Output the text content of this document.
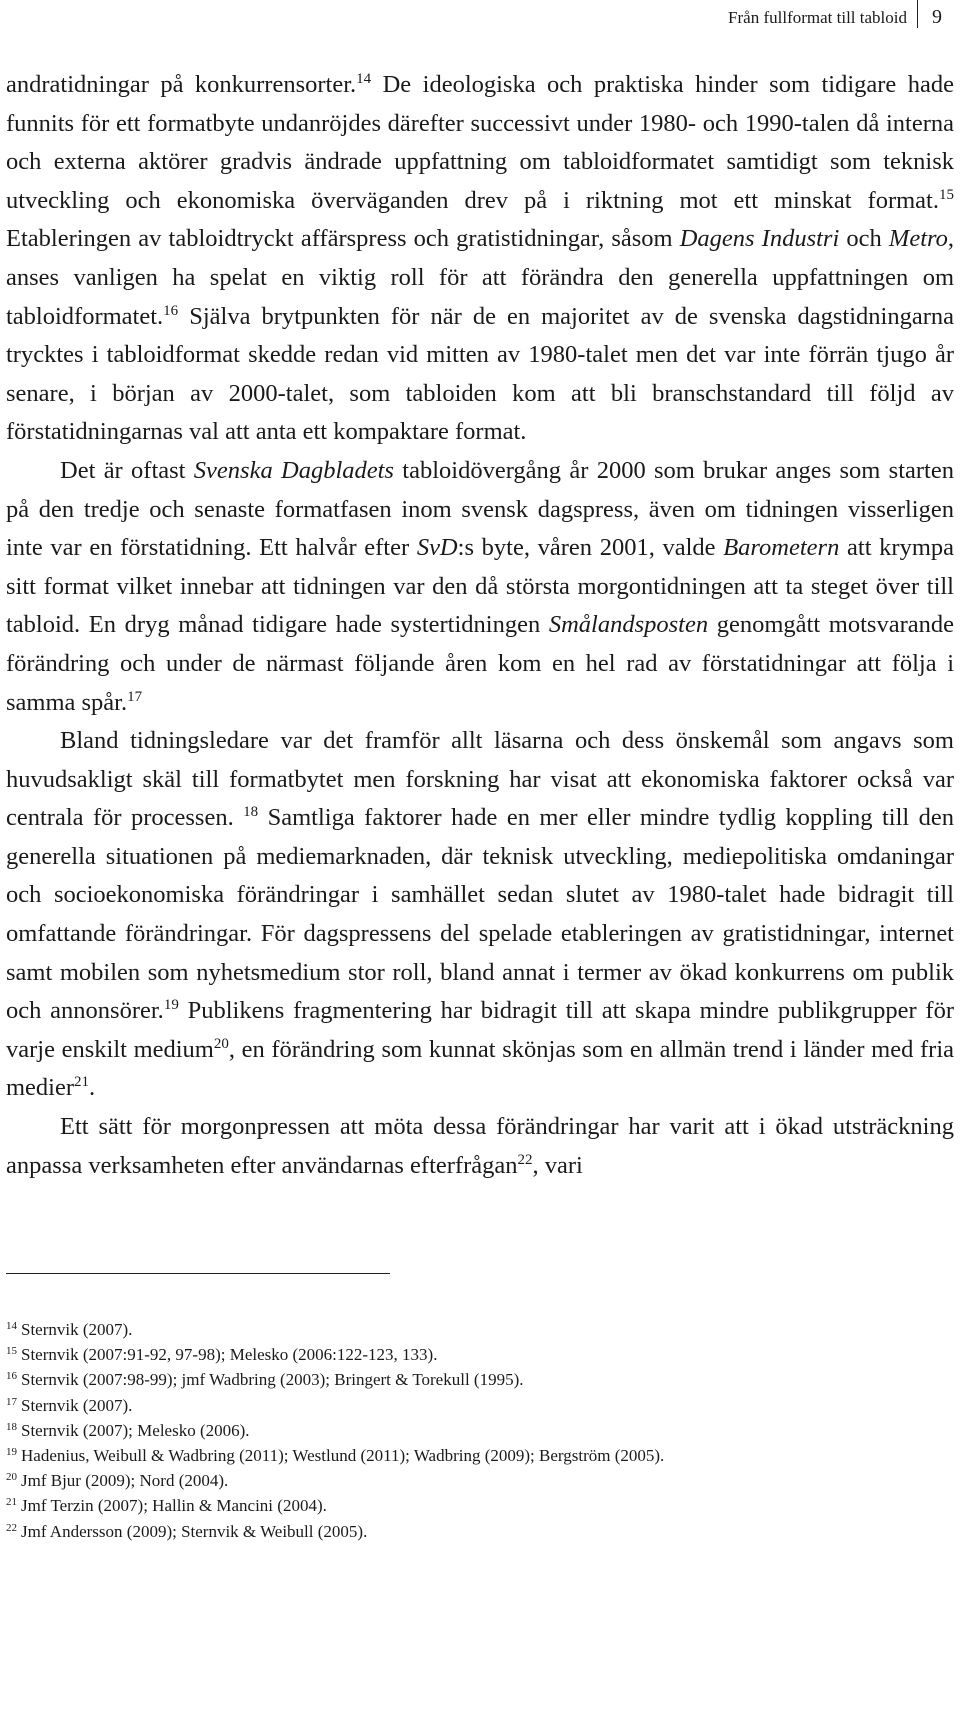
Från fullformat till tabloid	9

andratidningar på konkurrensorter.$^{14}$ De ideologiska och praktiska hinder som tidigare hade funnits för ett formatbyte undanröjdes därefter successivt under 1980- och 1990-talen då interna och externa aktörer gradvis ändrade uppfattning om tabloidformatet samtidigt som teknisk utveckling och ekonomiska överväganden drev på i riktning mot ett minskat format.$^{15}$ Etableringen av tabloidtryckt affärspress och gratistidningar, såsom Dagens Industri och Metro, anses vanligen ha spelat en viktig roll för att förändra den generella uppfattningen om tabloidformatet.$^{16}$ Själva brytpunkten för när de en majoritet av de svenska dagstidningarna trycktes i tabloidformat skedde redan vid mitten av 1980-talet men det var inte förrän tjugo år senare, i början av 2000-talet, som tabloiden kom att bli branschstandard till följd av förstatidningarnas val att anta ett kompaktare format.

Det är oftast Svenska Dagbladets tabloidövergång år 2000 som brukar anges som starten på den tredje och senaste formatfasen inom svensk dagspress, även om tidningen visserligen inte var en förstatidning. Ett halvår efter SvD:s byte, våren 2001, valde Barometern att krympa sitt format vilket innebar att tidningen var den då största morgontidningen att ta steget över till tabloid. En dryg månad tidigare hade systertidningen Smålandsposten genomgått motsvarande förändring och under de närmast följande åren kom en hel rad av förstatidningar att följa i samma spår.$^{17}$

Bland tidningsledare var det framför allt läsarna och dess önskemål som angavs som huvudsakligt skäl till formatbytet men forskning har visat att ekonomiska faktorer också var centrala för processen. $^{18}$ Samtliga faktorer hade en mer eller mindre tydlig koppling till den generella situationen på mediemarknaden, där teknisk utveckling, mediepolitiska omdaningar och socioekonomiska förändringar i samhället sedan slutet av 1980-talet hade bidragit till omfattande förändringar. För dagspressens del spelade etableringen av gratistidningar, internet samt mobilen som nyhetsmedium stor roll, bland annat i termer av ökad konkurrens om publik och annonsörer.$^{19}$ Publikens fragmentering har bidragit till att skapa mindre publikgrupper för varje enskilt medium$^{20}$, en förändring som kunnat skönjas som en allmän trend i länder med fria medier$^{21}$.

Ett sätt för morgonpressen att möta dessa förändringar har varit att i ökad utsträckning anpassa verksamheten efter användarnas efterfrågan$^{22}$, vari

$^{14}$ Sternvik (2007).

$^{15}$ Sternvik (2007:91-92, 97-98); Melesko (2006:122-123, 133).

$^{16}$ Sternvik (2007:98-99); jmf Wadbring (2003); Bringert & Torekull (1995).

$^{17}$ Sternvik (2007).

$^{18}$ Sternvik (2007); Melesko (2006).

$^{19}$ Hadenius, Weibull & Wadbring (2011); Westlund (2011); Wadbring (2009); Bergström (2005).

$^{20}$ Jmf Bjur (2009); Nord (2004).

$^{21}$ Jmf Terzin (2007); Hallin & Mancini (2004).

$^{22}$ Jmf Andersson (2009); Sternvik & Weibull (2005).
